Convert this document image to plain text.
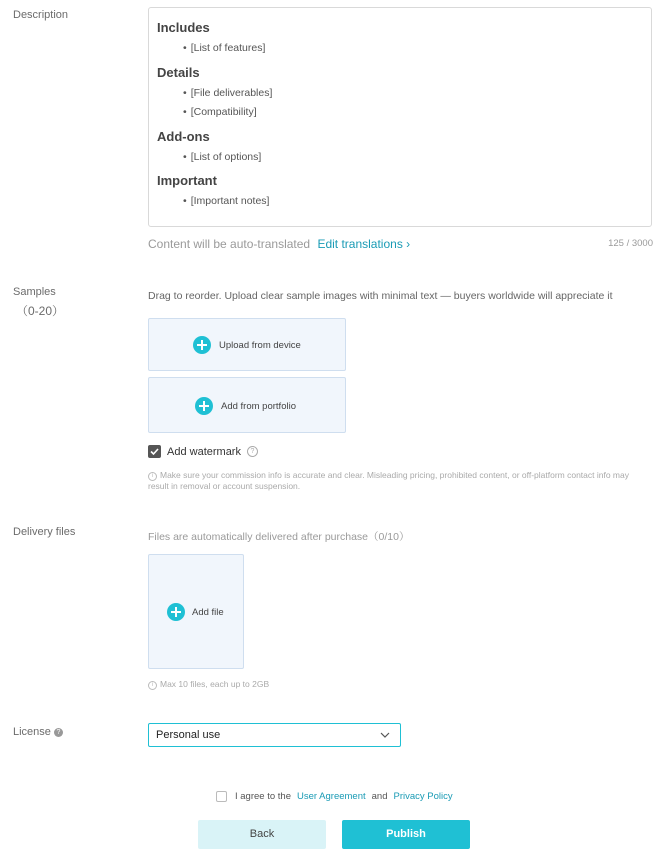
Description
Includes
• [List of features]
Details
• [File deliverables]
• [Compatibility]
Add-ons
• [List of options]
Important
• [Important notes]
Content will be auto-translated Edit translations ›	125 / 3000
Samples
（0-20）
Drag to reorder. Upload clear sample images with minimal text — buyers worldwide will appreciate it
Upload from device
Add from portfolio
Add watermark	?
i Make sure your commission info is accurate and clear. Misleading pricing, prohibited content, or off-platform contact info may result in removal or account suspension.
Delivery files	Files are automatically delivered after purchase（0/10）
Add file
i Max 10 files, each up to 2GB
License ?	Personal use
I agree to the User Agreement and Privacy Policy
Back	Publish
